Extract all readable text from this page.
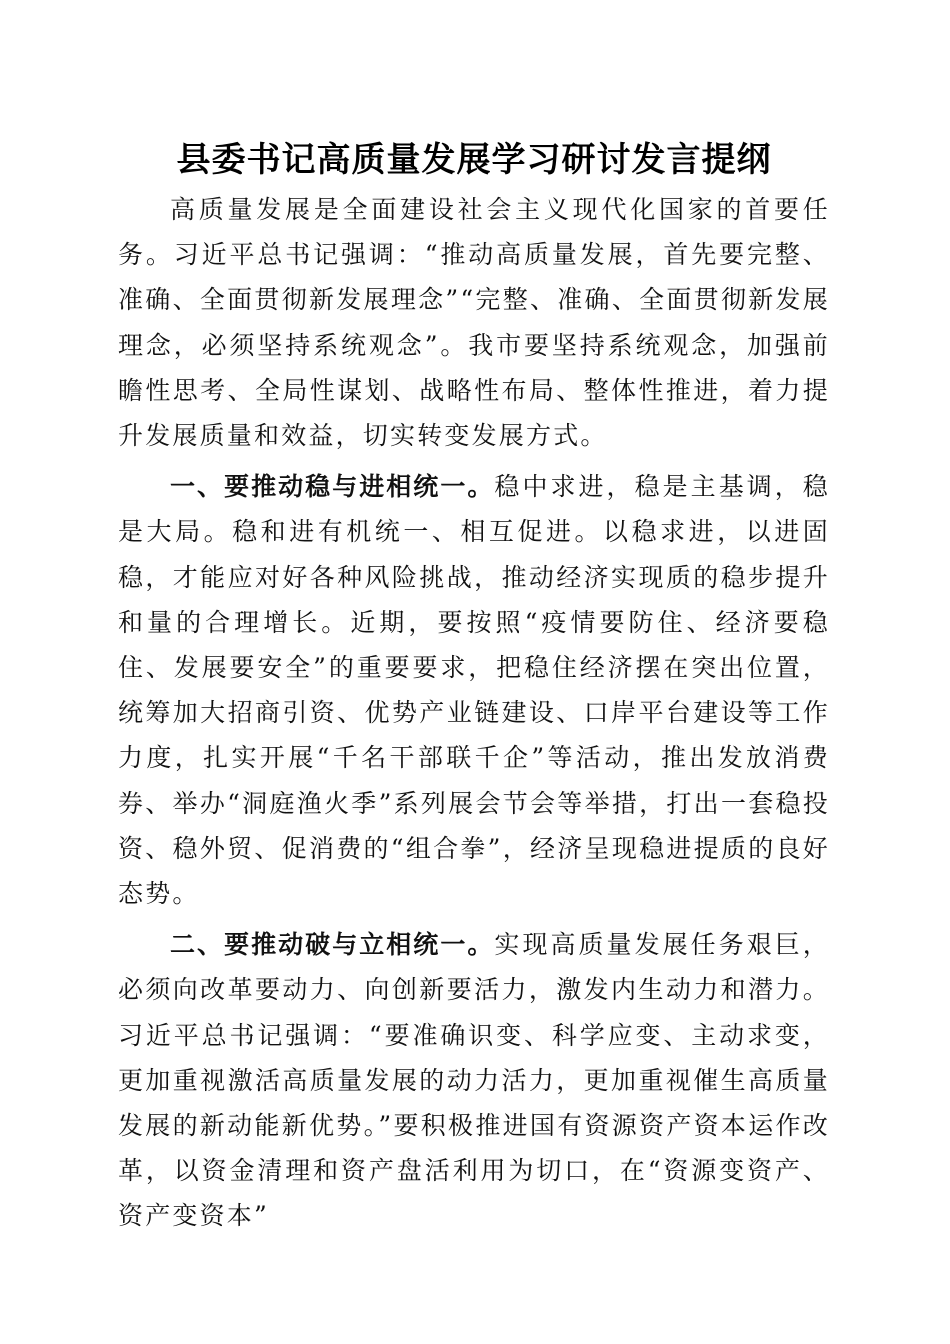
县委书记高质量发展学习研讨发言提纲

高质量发展是全面建设社会主义现代化国家的首要任务。习近平总书记强调：“推动高质量发展，首先要完整、准确、全面贯彻新发展理念”“完整、准确、全面贯彻新发展理念，必须坚持系统观念”。我市要坚持系统观念，加强前瞻性思考、全局性谋划、战略性布局、整体性推进，着力提升发展质量和效益，切实转变发展方式。

一、要推动稳与进相统一。稳中求进，稳是主基调，稳是大局。稳和进有机统一、相互促进。以稳求进，以进固稳，才能应对好各种风险挑战，推动经济实现质的稳步提升和量的合理增长。近期，要按照“疫情要防住、经济要稳住、发展要安全”的重要要求，把稳住经济摆在突出位置，统筹加大招商引资、优势产业链建设、口岸平台建设等工作力度，扎实开展“千名干部联千企”等活动，推出发放消费券、举办“洞庭渔火季”系列展会节会等举措，打出一套稳投资、稳外贸、促消费的“组合拳”，经济呈现稳进提质的良好态势。

二、要推动破与立相统一。实现高质量发展任务艰巨，必须向改革要动力、向创新要活力，激发内生动力和潜力。习近平总书记强调：“要准确识变、科学应变、主动求变，更加重视激活高质量发展的动力活力，更加重视催生高质量发展的新动能新优势。”要积极推进国有资源资产资本运作改革，以资金清理和资产盘活利用为切口，在“资源变资产、资产变资本”
